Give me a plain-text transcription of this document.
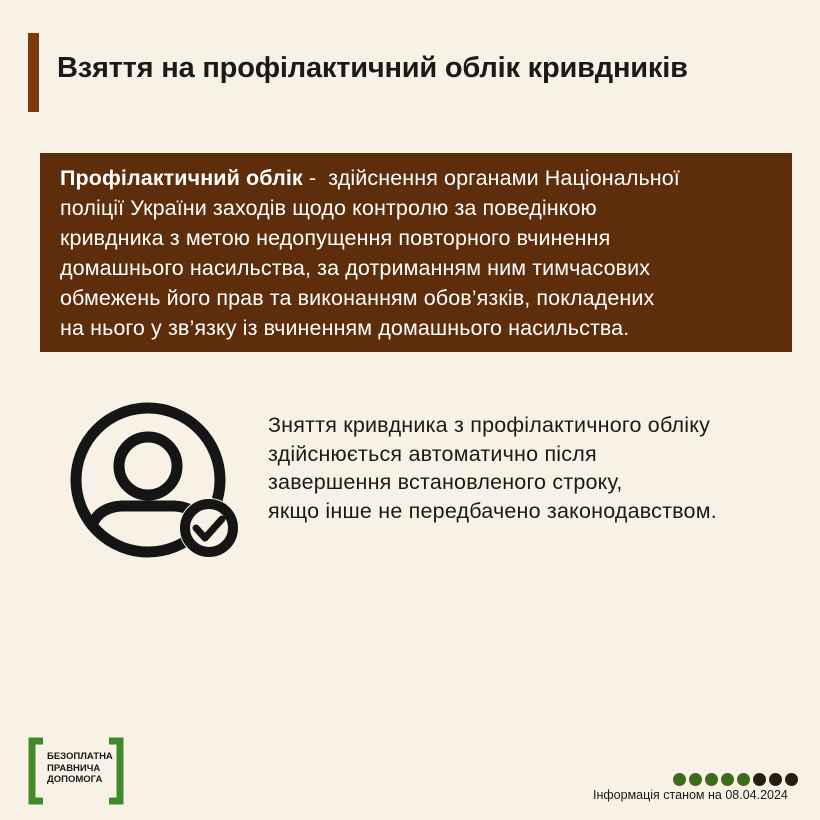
Взяття на профілактичний облік кривдників
Профілактичний облік -  здійснення органами Національної
поліції України заходів щодо контролю за поведінкою
кривдника з метою недопущення повторного вчинення
домашнього насильства, за дотриманням ним тимчасових
обмежень його прав та виконанням обов’язків, покладених
на нього у зв’язку із вчиненням домашнього насильства.
Зняття кривдника з профілактичного обліку
здійснюється автоматично після
завершення встановленого строку,
якщо інше не передбачено законодавством.
БЕЗОПЛАТНА
ПРАВНИЧА
ДОПОМОГА
Інформація станом на 08.04.2024
